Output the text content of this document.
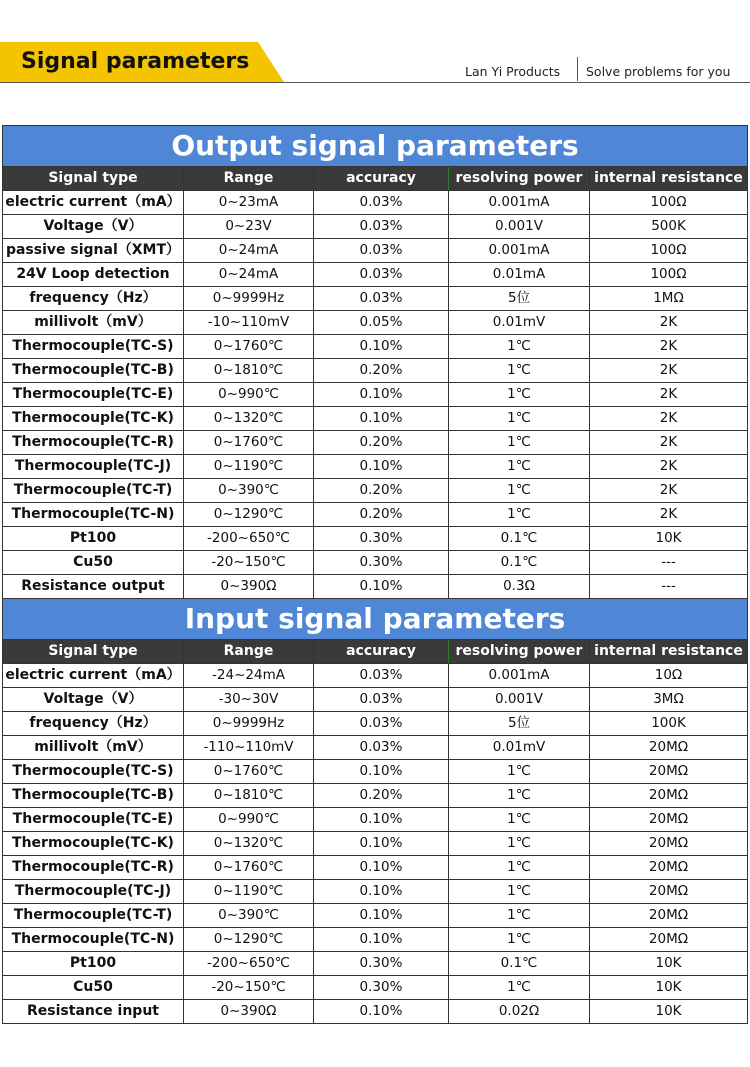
Signal parameters	Lan Yi Products Solve problems for you
Output signal parameters				
Signal type	Range	accuracy	resolving power	internal resistance
electric current（mA）	0~23mA	0.03%	0.001mA	100Ω
Voltage（V）	0~23V	0.03%	0.001V	500K
passive signal（XMT）	0~24mA	0.03%	0.001mA	100Ω
24V Loop detection	0~24mA	0.03%	0.01mA	100Ω
frequency（Hz）	0~9999Hz	0.03%	5位	1MΩ
millivolt（mV）	-10~110mV	0.05%	0.01mV	2K
Thermocouple(TC-S)	0~1760℃	0.10%	1℃	2K
Thermocouple(TC-B)	0~1810℃	0.20%	1℃	2K
Thermocouple(TC-E)	0~990℃	0.10%	1℃	2K
Thermocouple(TC-K)	0~1320℃	0.10%	1℃	2K
Thermocouple(TC-R)	0~1760℃	0.20%	1℃	2K
Thermocouple(TC-J)	0~1190℃	0.10%	1℃	2K
Thermocouple(TC-T)	0~390℃	0.20%	1℃	2K
Thermocouple(TC-N)	0~1290℃	0.20%	1℃	2K
Pt100	-200~650℃	0.30%	0.1℃	10K
Cu50	-20~150℃	0.30%	0.1℃	---
Resistance output	0~390Ω	0.10%	0.3Ω	---
Input signal parameters				
Signal type	Range	accuracy	resolving power	internal resistance
electric current（mA）	-24~24mA	0.03%	0.001mA	10Ω
Voltage（V）	-30~30V	0.03%	0.001V	3MΩ
frequency（Hz）	0~9999Hz	0.03%	5位	100K
millivolt（mV）	-110~110mV	0.03%	0.01mV	20MΩ
Thermocouple(TC-S)	0~1760℃	0.10%	1℃	20MΩ
Thermocouple(TC-B)	0~1810℃	0.20%	1℃	20MΩ
Thermocouple(TC-E)	0~990℃	0.10%	1℃	20MΩ
Thermocouple(TC-K)	0~1320℃	0.10%	1℃	20MΩ
Thermocouple(TC-R)	0~1760℃	0.10%	1℃	20MΩ
Thermocouple(TC-J)	0~1190℃	0.10%	1℃	20MΩ
Thermocouple(TC-T)	0~390℃	0.10%	1℃	20MΩ
Thermocouple(TC-N)	0~1290℃	0.10%	1℃	20MΩ
Pt100	-200~650℃	0.30%	0.1℃	10K
Cu50	-20~150℃	0.30%	1℃	10K
Resistance input	0~390Ω	0.10%	0.02Ω	10K
